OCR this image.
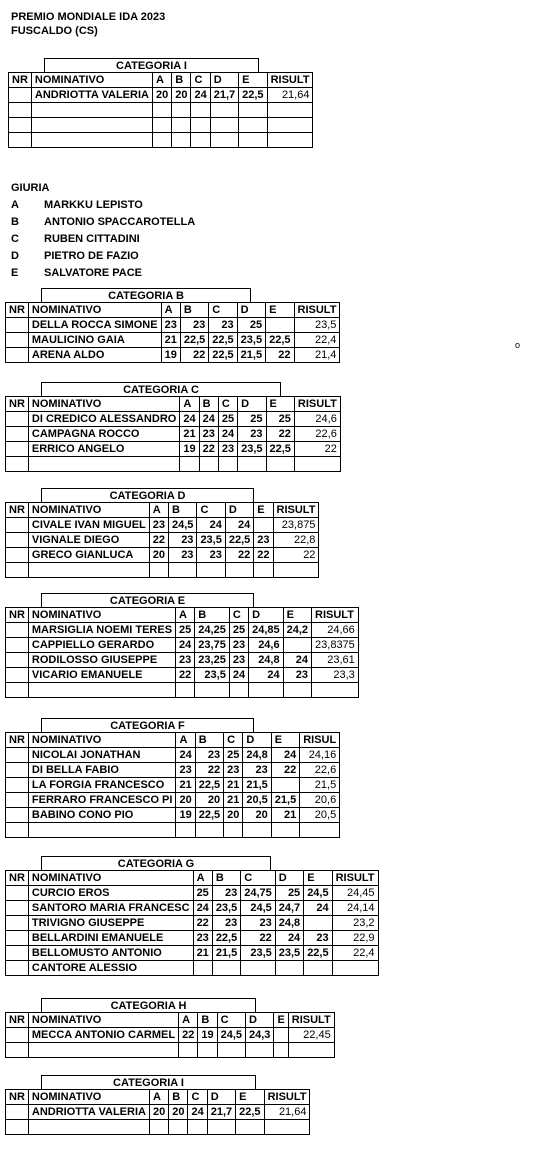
PREMIO MONDIALE IDA 2023
FUSCALDO (CS)
GIURIA
A MARKKU LEPISTO
B ANTONIO SPACCAROTELLA
C RUBEN CITTADINI
D PIETRO DE FAZIO
E SALVATORE PACE
o
CATEGORIA I
NR	NOMINATIVO	A	B	C	D	E	RISULT
	ANDRIOTTA VALERIA	20	20	24	21,7	22,5	21,64

CATEGORIA B
NR	NOMINATIVO	A	B	C	D	E	RISULT
	DELLA ROCCA SIMONE	23	23	23	25		23,5
	MAULICINO GAIA	21	22,5	22,5	23,5	22,5	22,4
	ARENA ALDO	19	22	22,5	21,5	22	21,4
CATEGORIA C
NR	NOMINATIVO	A	B	C	D	E	RISULT
	DI CREDICO ALESSANDRO	24	24	25	25	25	24,6
	CAMPAGNA ROCCO	21	23	24	23	22	22,6
	ERRICO ANGELO	19	22	23	23,5	22,5	22

CATEGORIA D
NR	NOMINATIVO	A	B	C	D	E	RISULT
	CIVALE IVAN MIGUEL	23	24,5	24	24		23,875
	VIGNALE DIEGO	22	23	23,5	22,5	23	22,8
	GRECO GIANLUCA	20	23	23	22	22	22

CATEGORIA E
NR	NOMINATIVO	A	B	C	D	E	RISULT
	MARSIGLIA NOEMI TERES	25	24,25	25	24,85	24,2	24,66
	CAPPIELLO GERARDO	24	23,75	23	24,6		23,8375
	RODILOSSO GIUSEPPE	23	23,25	23	24,8	24	23,61
	VICARIO EMANUELE	22	23,5	24	24	23	23,3

CATEGORIA F
NR	NOMINATIVO	A	B	C	D	E	RISUL
	NICOLAI JONATHAN	24	23	25	24,8	24	24,16
	DI BELLA FABIO	23	22	23	23	22	22,6
	LA FORGIA FRANCESCO	21	22,5	21	21,5		21,5
	FERRARO FRANCESCO PI	20	20	21	20,5	21,5	20,6
	BABINO CONO PIO	19	22,5	20	20	21	20,5

CATEGORIA G
NR	NOMINATIVO	A	B	C	D	E	RISULT
	CURCIO EROS	25	23	24,75	25	24,5	24,45
	SANTORO MARIA FRANCESC	24	23,5	24,5	24,7	24	24,14
	TRIVIGNO GIUSEPPE	22	23	23	24,8		23,2
	BELLARDINI EMANUELE	23	22,5	22	24	23	22,9
	BELLOMUSTO ANTONIO	21	21,5	23,5	23,5	22,5	22,4
	CANTORE ALESSIO						
CATEGORIA H
NR	NOMINATIVO	A	B	C	D	E	RISULT
	MECCA ANTONIO CARMEL	22	19	24,5	24,3		22,45

CATEGORIA I
NR	NOMINATIVO	A	B	C	D	E	RISULT
	ANDRIOTTA VALERIA	20	20	24	21,7	22,5	21,64
